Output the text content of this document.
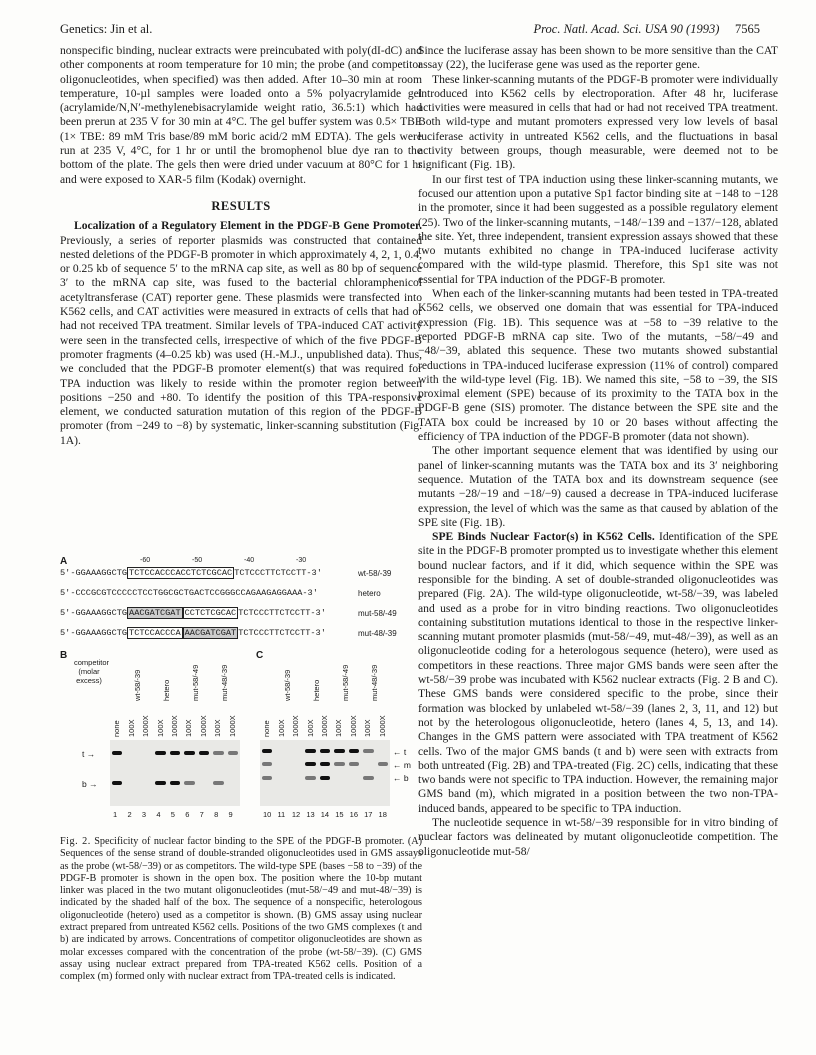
Genetics: Jin et al.	Proc. Natl. Acad. Sci. USA 90 (1993) 7565

nonspecific binding, nuclear extracts were preincubated with poly(dI-dC) and other components at room temperature for 10 min; the probe (and competitor oligonucleotides, when specified) was then added. After 10–30 min at room temperature, 10-µl samples were loaded onto a 5% polyacrylamide gel (acrylamide/N,N′-methylenebisacrylamide weight ratio, 36.5:1) which had been prerun at 235 V for 30 min at 4°C. The gel buffer system was 0.5× TBE (1× TBE: 89 mM Tris base/89 mM boric acid/2 mM EDTA). The gels were run at 235 V, 4°C, for 1 hr or until the bromophenol blue dye ran to the bottom of the plate. The gels then were dried under vacuum at 80°C for 1 hr and were exposed to XAR-5 film (Kodak) overnight.

RESULTS

Localization of a Regulatory Element in the PDGF-B Gene Promoter. Previously, a series of reporter plasmids was constructed that contained nested deletions of the PDGF-B promoter in which approximately 4, 2, 1, 0.4, or 0.25 kb of sequence 5′ to the mRNA cap site, as well as 80 bp of sequence 3′ to the mRNA cap site, was fused to the bacterial chloramphenicol acetyltransferase (CAT) reporter gene. These plasmids were transfected into K562 cells, and CAT activities were measured in extracts of cells that had or had not received TPA treatment. Similar levels of TPA-induced CAT activity were seen in the transfected cells, irrespective of which of the five PDGF-B promoter fragments (4–0.25 kb) was used (H.-M.J., unpublished data). Thus, we concluded that the PDGF-B promoter element(s) that was required for TPA induction was likely to reside within the promoter region between positions −250 and +80. To identify the position of this TPA-responsive element, we conducted saturation mutation of this region of the PDGF-B promoter (from −249 to −8) by systematic, linker-scanning substitution (Fig. 1A).

A	-60	-50	-40	-30
5'-GGAAAGGCTG TCTCCACCCACCTCTCGCAC TCTCCCTTCTCCTT-3'	wt-58/-39
5'-CCCGCGTCCCCCTCCTGGCGCTGACTCCGGGCCAGAAGAGGAAA-3'	hetero
5'-GGAAAGGCTG AACGATCGAT CCTCTCGCAC TCTCCCTTCTCCTT-3'	mut-58/-49
5'-GGAAAGGCTG TCTCCACCCA AACGATCGAT TCTCCCTTCTCCTT-3'	mut-48/-39
B	C
competitor (molar excess)
t →
b →
← t
← m
← b
none 100X 1000X 100X 1000X 100X 1000X 100X 1000X
wt-58/-39	hetero	mut-58/-49	mut-48/-39
1 2 3 4 5 6 7 8 9
none 100X 1000X 100X 1000X 100X 1000X 100X 1000X
wt-58/-39	hetero	mut-58/-49	mut-48/-39
10 11 12 13 14 15 16 17 18
Fig. 2. Specificity of nuclear factor binding to the SPE of the PDGF-B promoter. (A) Sequences of the sense strand of double-stranded oligonucleotides used in GMS assays as the probe (wt-58/−39) or as competitors. The wild-type SPE (bases −58 to −39) of the PDGF-B promoter is shown in the open box. The position where the 10-bp mutant linker was placed in the two mutant oligonucleotides (mut-58/−49 and mut-48/−39) is indicated by the shaded half of the box. The sequence of a nonspecific, heterologous oligonucleotide (hetero) used as a competitor is shown. (B) GMS assay using nuclear extract prepared from untreated K562 cells. Positions of the two GMS complexes (t and b) are indicated by arrows. Concentrations of competitor oligonucleotides are shown as molar excesses compared with the concentration of the probe (wt-58/−39). (C) GMS assay using nuclear extract prepared from TPA-treated K562 cells. Position of a complex (m) formed only with nuclear extract from TPA-treated cells is indicated.

Since the luciferase assay has been shown to be more sensitive than the CAT assay (22), the luciferase gene was used as the reporter gene.

These linker-scanning mutants of the PDGF-B promoter were individually introduced into K562 cells by electroporation. After 48 hr, luciferase activities were measured in cells that had or had not received TPA treatment. Both wild-type and mutant promoters expressed very low levels of basal luciferase activity in untreated K562 cells, and the fluctuations in basal activity between groups, though measurable, were deemed not to be significant (Fig. 1B).

In our first test of TPA induction using these linker-scanning mutants, we focused our attention upon a putative Sp1 factor binding site at −148 to −128 in the promoter, since it had been suggested as a possible regulatory element (25). Two of the linker-scanning mutants, −148/−139 and −137/−128, ablated the site. Yet, three independent, transient expression assays showed that these two mutants exhibited no change in TPA-induced luciferase activity compared with the wild-type plasmid. Therefore, this Sp1 site was not essential for TPA induction of the PDGF-B promoter.

When each of the linker-scanning mutants had been tested in TPA-treated K562 cells, we observed one domain that was essential for TPA-induced expression (Fig. 1B). This sequence was at −58 to −39 relative to the reported PDGF-B mRNA cap site. Two of the mutants, −58/−49 and −48/−39, ablated this sequence. These two mutants showed substantial reductions in TPA-induced luciferase expression (11% of control) compared with the wild-type level (Fig. 1B). We named this site, −58 to −39, the SIS proximal element (SPE) because of its proximity to the TATA box in the PDGF-B gene (SIS) promoter. The distance between the SPE site and the TATA box could be increased by 10 or 20 bases without affecting the efficiency of TPA induction of the PDGF-B promoter (data not shown).

The other important sequence element that was identified by using our panel of linker-scanning mutants was the TATA box and its 3′ neighboring sequence. Mutation of the TATA box and its downstream sequence (see mutants −28/−19 and −18/−9) caused a decrease in TPA-induced luciferase expression, the level of which was the same as that caused by ablation of the SPE site (Fig. 1B).

SPE Binds Nuclear Factor(s) in K562 Cells. Identification of the SPE site in the PDGF-B promoter prompted us to investigate whether this element bound nuclear factors, and if it did, which sequence within the SPE was responsible for the binding. A set of double-stranded oligonucleotides was prepared (Fig. 2A). The wild-type oligonucleotide, wt-58/−39, was labeled and used as a probe for in vitro binding reactions. Two oligonucleotides containing substitution mutations identical to those in the respective linker-scanning mutant promoter plasmids (mut-58/−49, mut-48/−39), as well as an oligonucleotide coding for a heterologous sequence (hetero), were used as competitors in these reactions. Three major GMS bands were seen after the wt-58/−39 probe was incubated with K562 nuclear extracts (Fig. 2 B and C). These GMS bands were considered specific to the probe, since their formation was blocked by unlabeled wt-58/−39 (lanes 2, 3, 11, and 12) but not by the heterologous oligonucleotide, hetero (lanes 4, 5, 13, and 14). Changes in the GMS pattern were associated with TPA treatment of K562 cells. Two of the major GMS bands (t and b) were seen with extracts from both untreated (Fig. 2B) and TPA-treated (Fig. 2C) cells, indicating that these two bands were not specific to TPA induction. However, the remaining major GMS band (m), which migrated in a position between the two non-TPA-induced bands, appeared to be specific to TPA induction.

The nucleotide sequence in wt-58/−39 responsible for in vitro binding of nuclear factors was delineated by mutant oligonucleotide competition. The oligonucleotide mut-58/
